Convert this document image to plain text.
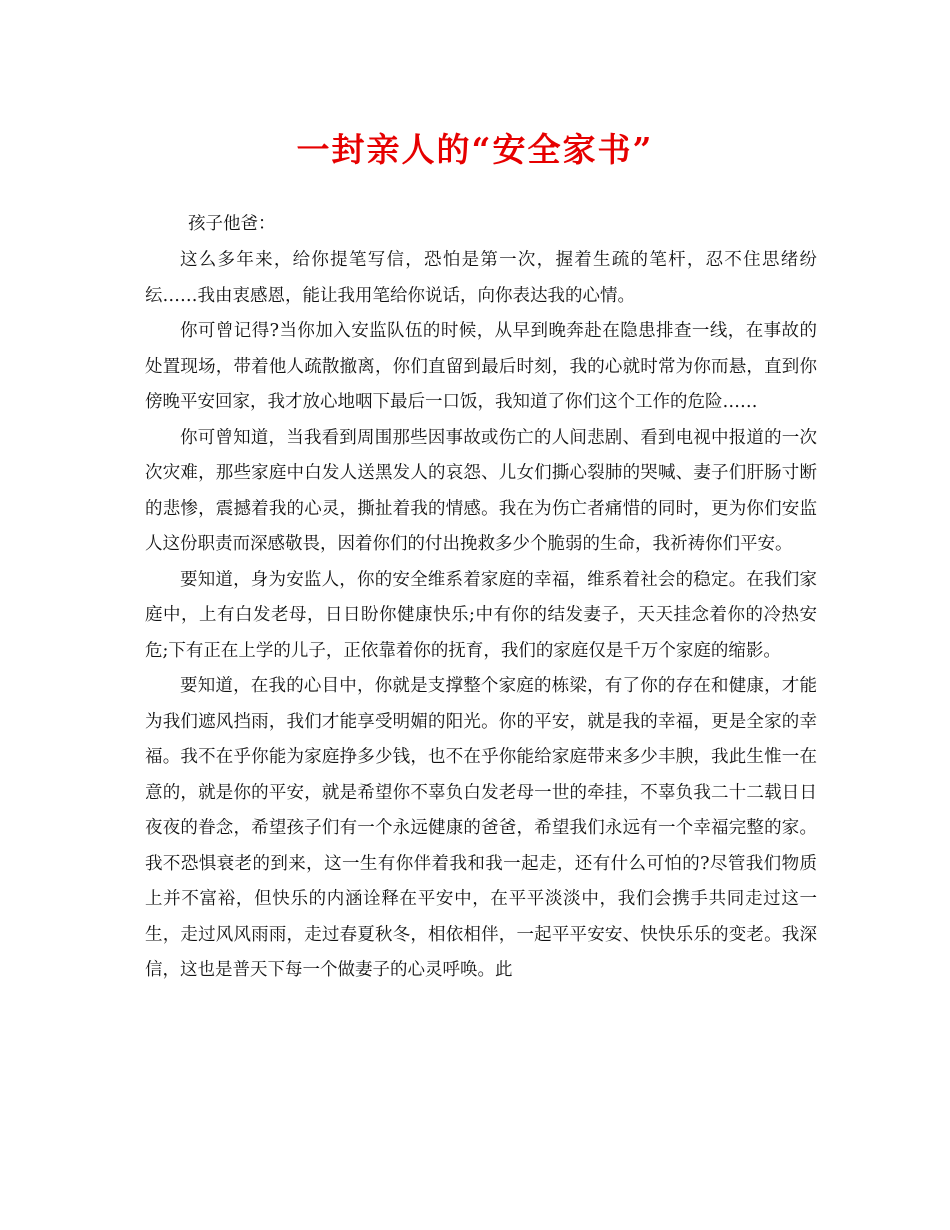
一封亲人的“安全家书”

孩子他爸：

这么多年来，给你提笔写信，恐怕是第一次，握着生疏的笔杆，忍不住思绪纷纭……我由衷感恩，能让我用笔给你说话，向你表达我的心情。

你可曾记得?当你加入安监队伍的时候，从早到晚奔赴在隐患排查一线，在事故的处置现场，带着他人疏散撤离，你们直留到最后时刻，我的心就时常为你而悬，直到你傍晚平安回家，我才放心地咽下最后一口饭，我知道了你们这个工作的危险……

你可曾知道，当我看到周围那些因事故或伤亡的人间悲剧、看到电视中报道的一次次灾难，那些家庭中白发人送黑发人的哀怨、儿女们撕心裂肺的哭喊、妻子们肝肠寸断的悲惨，震撼着我的心灵，撕扯着我的情感。我在为伤亡者痛惜的同时，更为你们安监人这份职责而深感敬畏，因着你们的付出挽救多少个脆弱的生命，我祈祷你们平安。

要知道，身为安监人，你的安全维系着家庭的幸福，维系着社会的稳定。在我们家庭中，上有白发老母，日日盼你健康快乐;中有你的结发妻子，天天挂念着你的冷热安危;下有正在上学的儿子，正依靠着你的抚育，我们的家庭仅是千万个家庭的缩影。

要知道，在我的心目中，你就是支撑整个家庭的栋梁，有了你的存在和健康，才能为我们遮风挡雨，我们才能享受明媚的阳光。你的平安，就是我的幸福，更是全家的幸福。我不在乎你能为家庭挣多少钱，也不在乎你能给家庭带来多少丰腴，我此生惟一在意的，就是你的平安，就是希望你不辜负白发老母一世的牵挂，不辜负我二十二载日日夜夜的眷念，希望孩子们有一个永远健康的爸爸，希望我们永远有一个幸福完整的家。我不恐惧衰老的到来，这一生有你伴着我和我一起走，还有什么可怕的?尽管我们物质上并不富裕，但快乐的内涵诠释在平安中，在平平淡淡中，我们会携手共同走过这一生，走过风风雨雨，走过春夏秋冬，相依相伴，一起平平安安、快快乐乐的变老。我深信，这也是普天下每一个做妻子的心灵呼唤。此
